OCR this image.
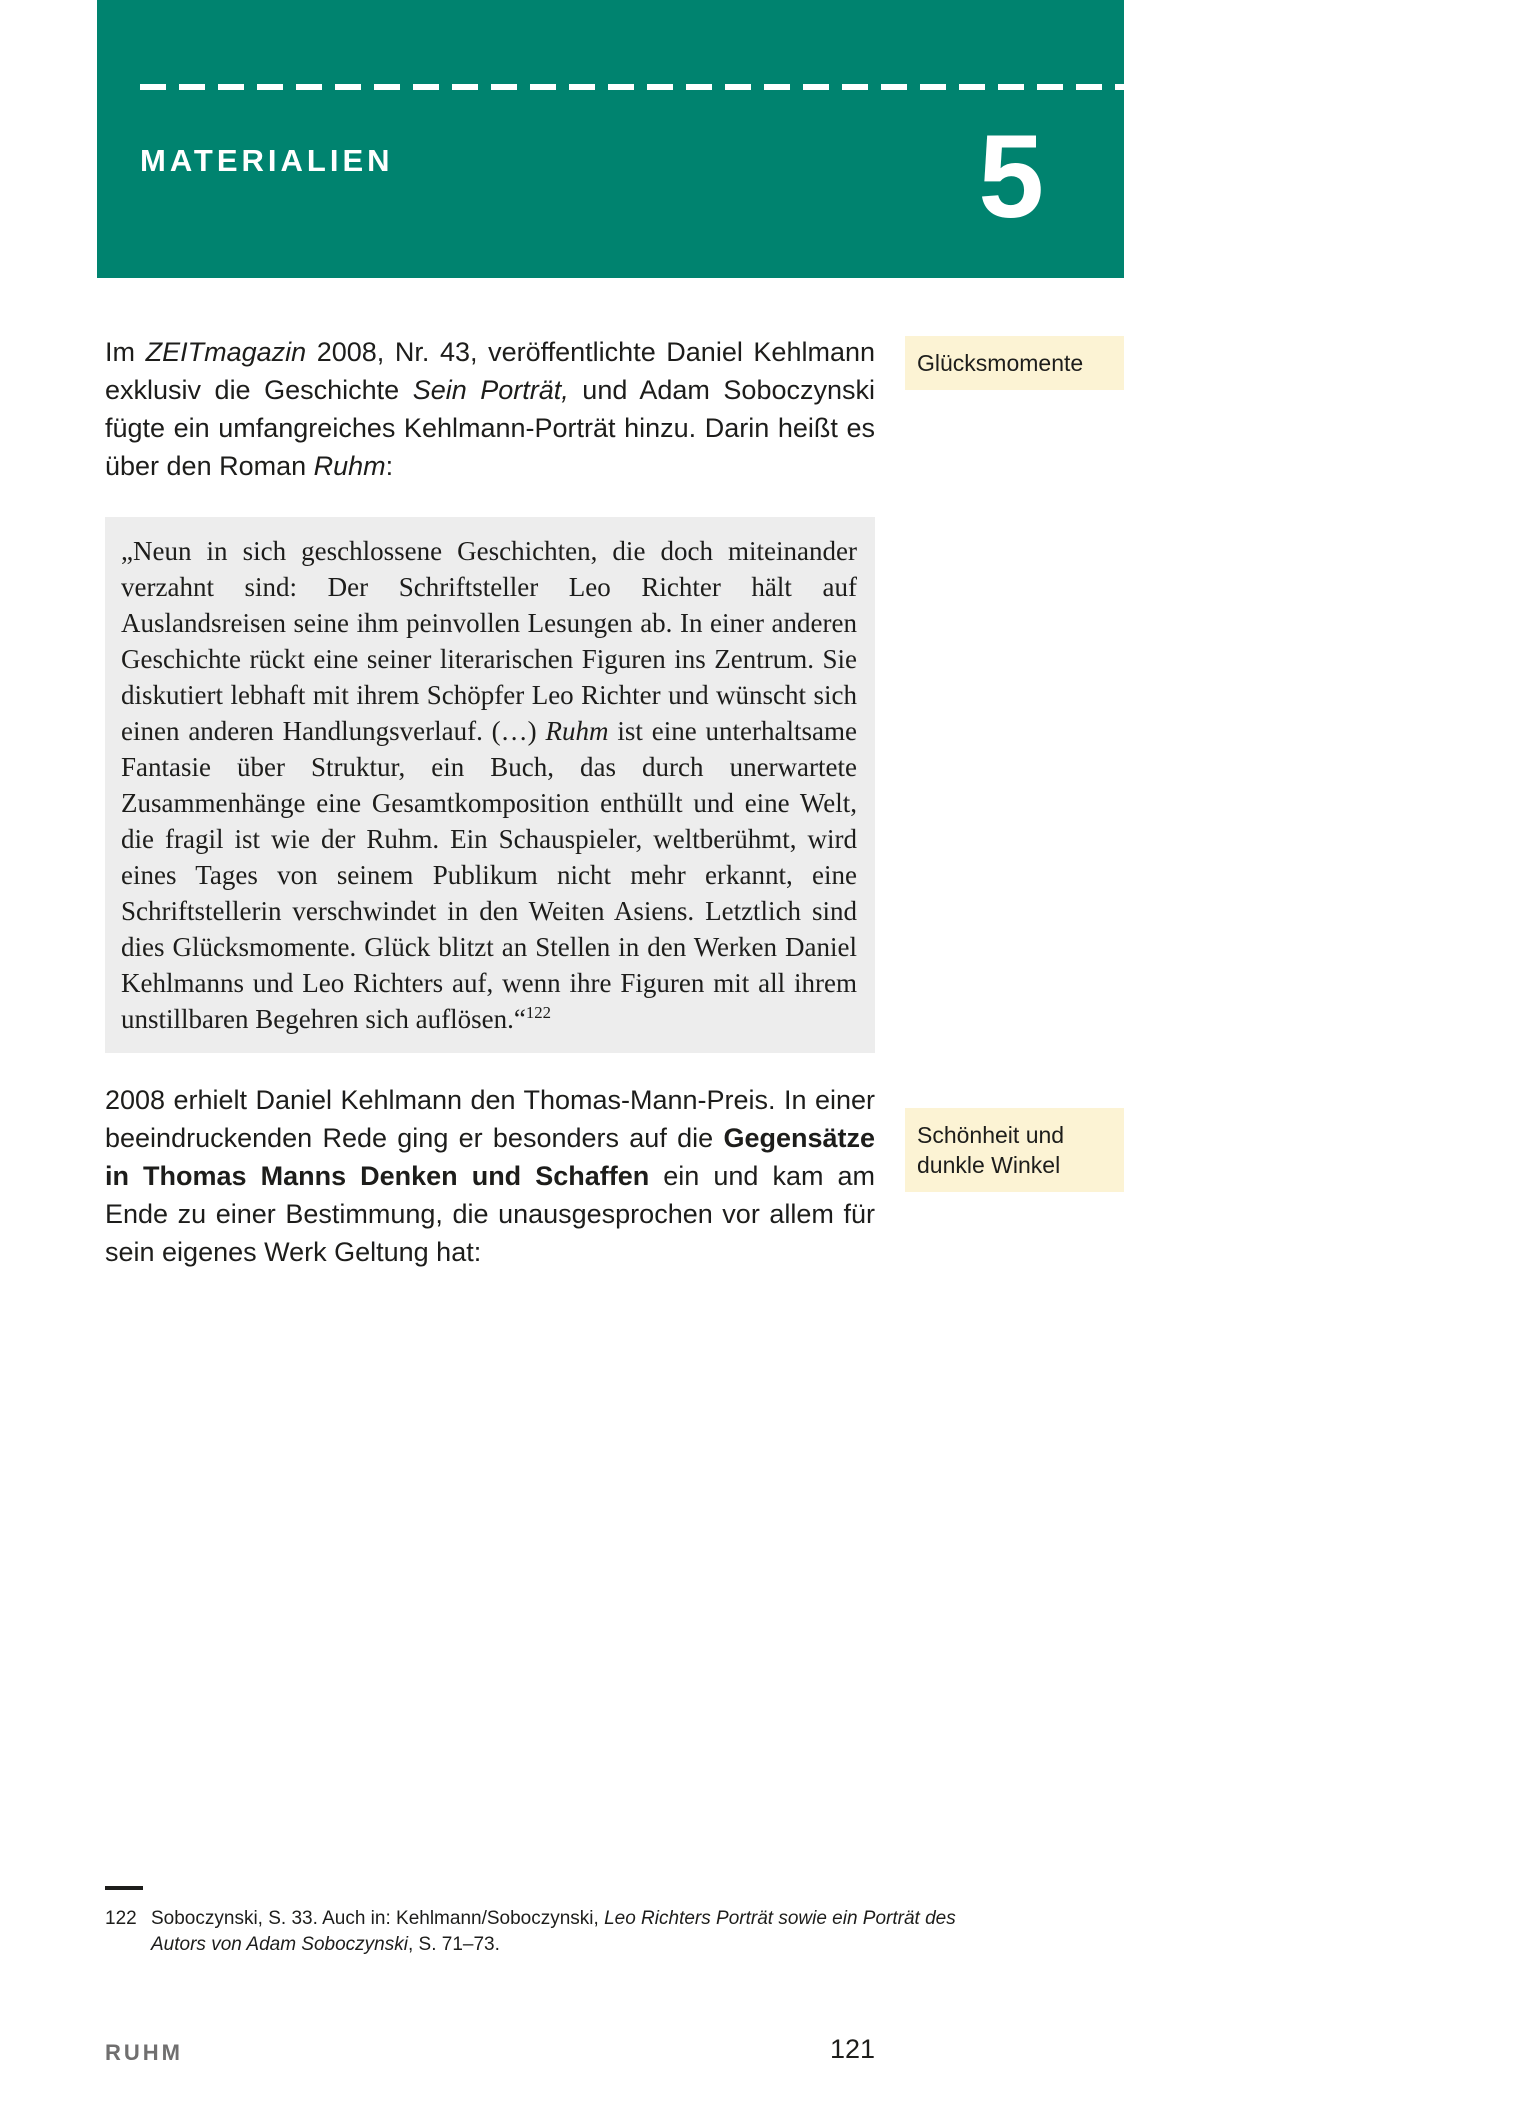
MATERIALIEN	5

Im ZEITmagazin 2008, Nr. 43, veröffentlichte Daniel Kehlmann exklusiv die Geschichte Sein Porträt, und Adam Soboczynski fügte ein umfangreiches Kehlmann-Porträt hinzu. Darin heißt es über den Roman Ruhm:

„Neun in sich geschlossene Geschichten, die doch miteinander verzahnt sind: Der Schriftsteller Leo Richter hält auf Auslandsreisen seine ihm peinvollen Lesungen ab. In einer anderen Geschichte rückt eine seiner literarischen Figuren ins Zentrum. Sie diskutiert lebhaft mit ihrem Schöpfer Leo Richter und wünscht sich einen anderen Handlungsverlauf. (…) Ruhm ist eine unterhaltsame Fantasie über Struktur, ein Buch, das durch unerwartete Zusammenhänge eine Gesamtkomposition enthüllt und eine Welt, die fragil ist wie der Ruhm. Ein Schauspieler, weltberühmt, wird eines Tages von seinem Publikum nicht mehr erkannt, eine Schriftstellerin verschwindet in den Weiten Asiens. Letztlich sind dies Glücksmomente. Glück blitzt an Stellen in den Werken Daniel Kehlmanns und Leo Richters auf, wenn ihre Figuren mit all ihrem unstillbaren Begehren sich auflösen.“$^{122}$

2008 erhielt Daniel Kehlmann den Thomas-Mann-Preis. In einer beeindruckenden Rede ging er besonders auf die Gegensätze in Thomas Manns Denken und Schaffen ein und kam am Ende zu einer Bestimmung, die unausgesprochen vor allem für sein eigenes Werk Geltung hat:

Glücksmomente
Schönheit und dunkle Winkel
122 Soboczynski, S. 33. Auch in: Kehlmann/Soboczynski, Leo Richters Porträt sowie ein Porträt des Autors von Adam Soboczynski, S. 71–73.
RUHM	121
